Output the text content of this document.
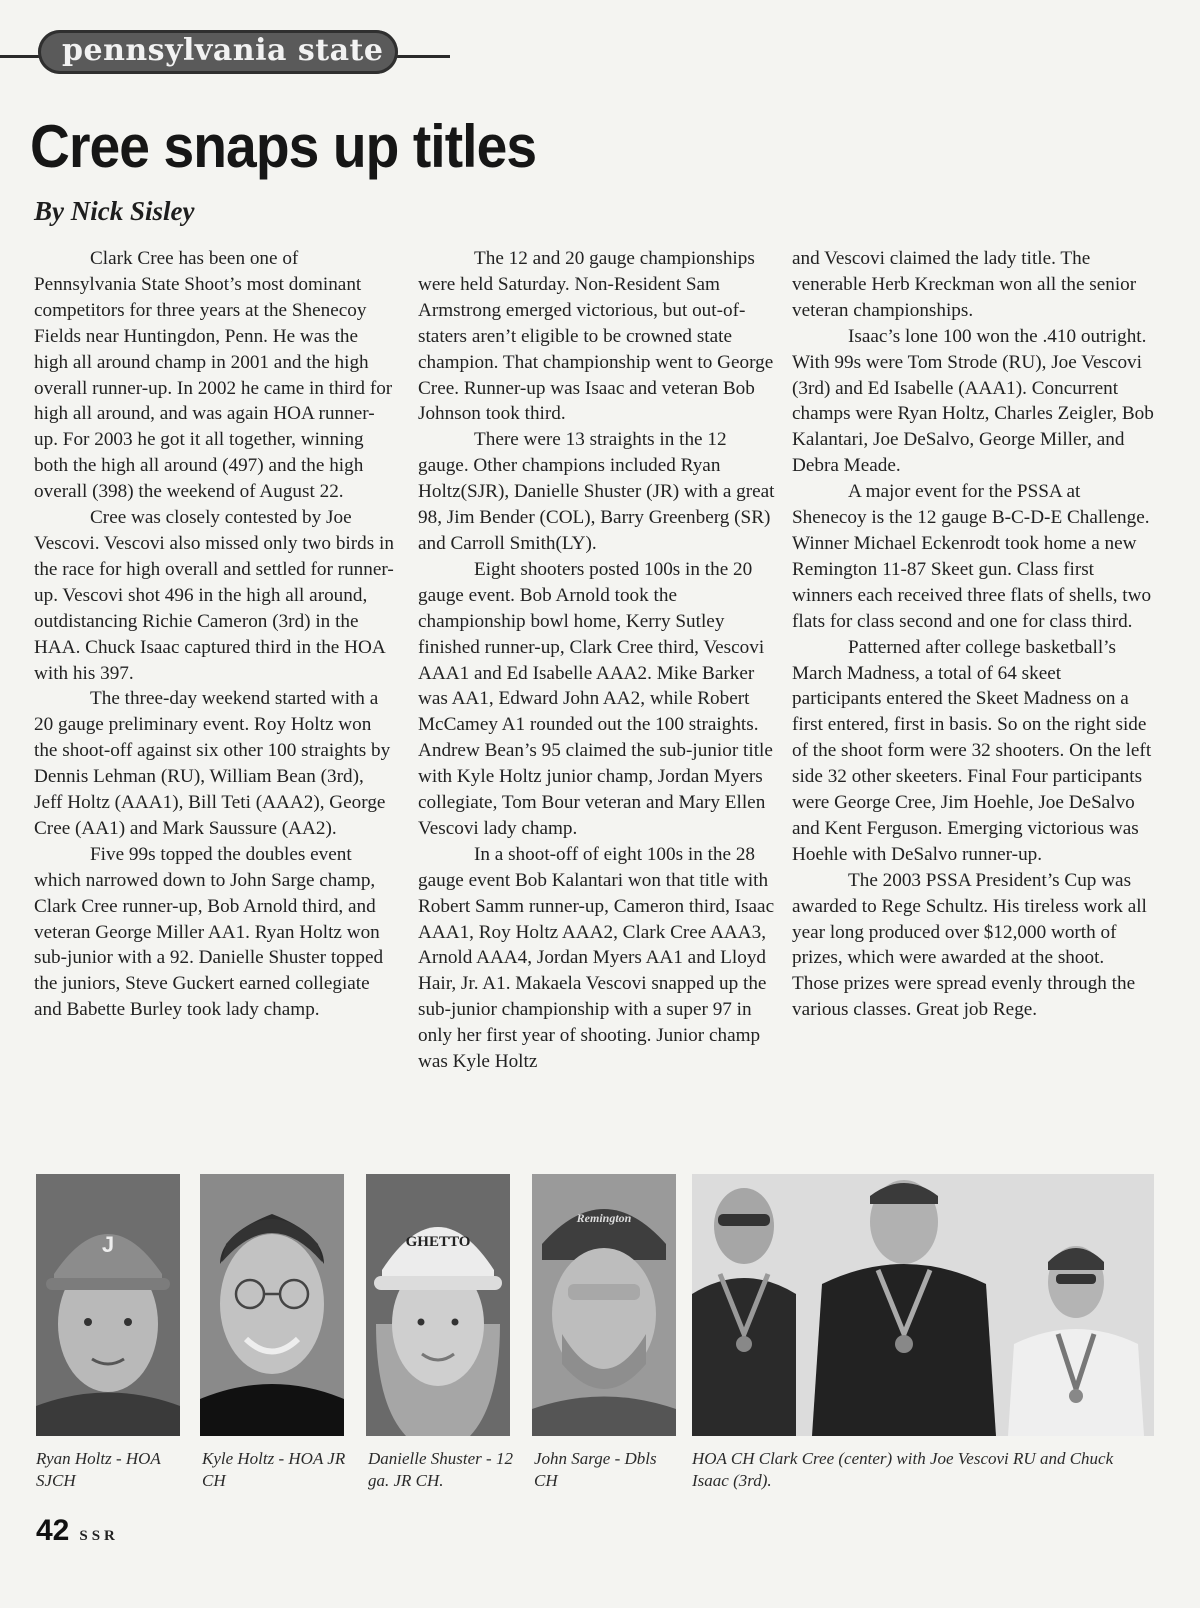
pennsylvania state
Cree snaps up titles
By Nick Sisley

Clark Cree has been one of Pennsylvania State Shoot’s most dominant competitors for three years at the Shenecoy Fields near Huntingdon, Penn. He was the high all around champ in 2001 and the high overall runner-up. In 2002 he came in third for high all around, and was again HOA runner-up. For 2003 he got it all together, winning both the high all around (497) and the high overall (398) the weekend of August 22.

Cree was closely contested by Joe Vescovi. Vescovi also missed only two birds in the race for high overall and settled for runner-up. Vescovi shot 496 in the high all around, outdistancing Richie Cameron (3rd) in the HAA. Chuck Isaac captured third in the HOA with his 397.

The three-day weekend started with a 20 gauge preliminary event. Roy Holtz won the shoot-off against six other 100 straights by Dennis Lehman (RU), William Bean (3rd), Jeff Holtz (AAA1), Bill Teti (AAA2), George Cree (AA1) and Mark Saussure (AA2).

Five 99s topped the doubles event which narrowed down to John Sarge champ, Clark Cree runner-up, Bob Arnold third, and veteran George Miller AA1. Ryan Holtz won sub-junior with a 92. Danielle Shuster topped the juniors, Steve Guckert earned collegiate and Babette Burley took lady champ.

The 12 and 20 gauge championships were held Saturday. Non-Resident Sam Armstrong emerged victorious, but out-of-staters aren’t eligible to be crowned state champion. That championship went to George Cree. Runner-up was Isaac and veteran Bob Johnson took third.

There were 13 straights in the 12 gauge. Other champions included Ryan Holtz(SJR), Danielle Shuster (JR) with a great 98, Jim Bender (COL), Barry Greenberg (SR) and Carroll Smith(LY).

Eight shooters posted 100s in the 20 gauge event. Bob Arnold took the championship bowl home, Kerry Sutley finished runner-up, Clark Cree third, Vescovi AAA1 and Ed Isabelle AAA2. Mike Barker was AA1, Edward John AA2, while Robert McCamey A1 rounded out the 100 straights. Andrew Bean’s 95 claimed the sub-junior title with Kyle Holtz junior champ, Jordan Myers collegiate, Tom Bour veteran and Mary Ellen Vescovi lady champ.

In a shoot-off of eight 100s in the 28 gauge event Bob Kalantari won that title with Robert Samm runner-up, Cameron third, Isaac AAA1, Roy Holtz AAA2, Clark Cree AAA3, Arnold AAA4, Jordan Myers AA1 and Lloyd Hair, Jr. A1. Makaela Vescovi snapped up the sub-junior championship with a super 97 in only her first year of shooting. Junior champ was Kyle Holtz

and Vescovi claimed the lady title. The venerable Herb Kreckman won all the senior veteran championships.

Isaac’s lone 100 won the .410 outright. With 99s were Tom Strode (RU), Joe Vescovi (3rd) and Ed Isabelle (AAA1). Concurrent champs were Ryan Holtz, Charles Zeigler, Bob Kalantari, Joe DeSalvo, George Miller, and Debra Meade.

A major event for the PSSA at Shenecoy is the 12 gauge B-C-D-E Challenge. Winner Michael Eckenrodt took home a new Remington 11-87 Skeet gun. Class first winners each received three flats of shells, two flats for class second and one for class third.

Patterned after college basketball’s March Madness, a total of 64 skeet participants entered the Skeet Madness on a first entered, first in basis. So on the right side of the shoot form were 32 shooters. On the left side 32 other skeeters. Final Four participants were George Cree, Jim Hoehle, Joe DeSalvo and Kent Ferguson. Emerging victorious was Hoehle with DeSalvo runner-up.

The 2003 PSSA President’s Cup was awarded to Rege Schultz. His tireless work all year long produced over $12,000 worth of prizes, which were awarded at the shoot. Those prizes were spread evenly through the various classes. Great job Rege.

J	GHETTO
Remington
Ryan Holtz - HOA SJCH
Kyle Holtz - HOA JR CH
Danielle Shuster - 12 ga. JR CH.
John Sarge - Dbls CH
HOA CH Clark Cree (center) with Joe Vescovi RU and Chuck Isaac (3rd).
42 SSR
